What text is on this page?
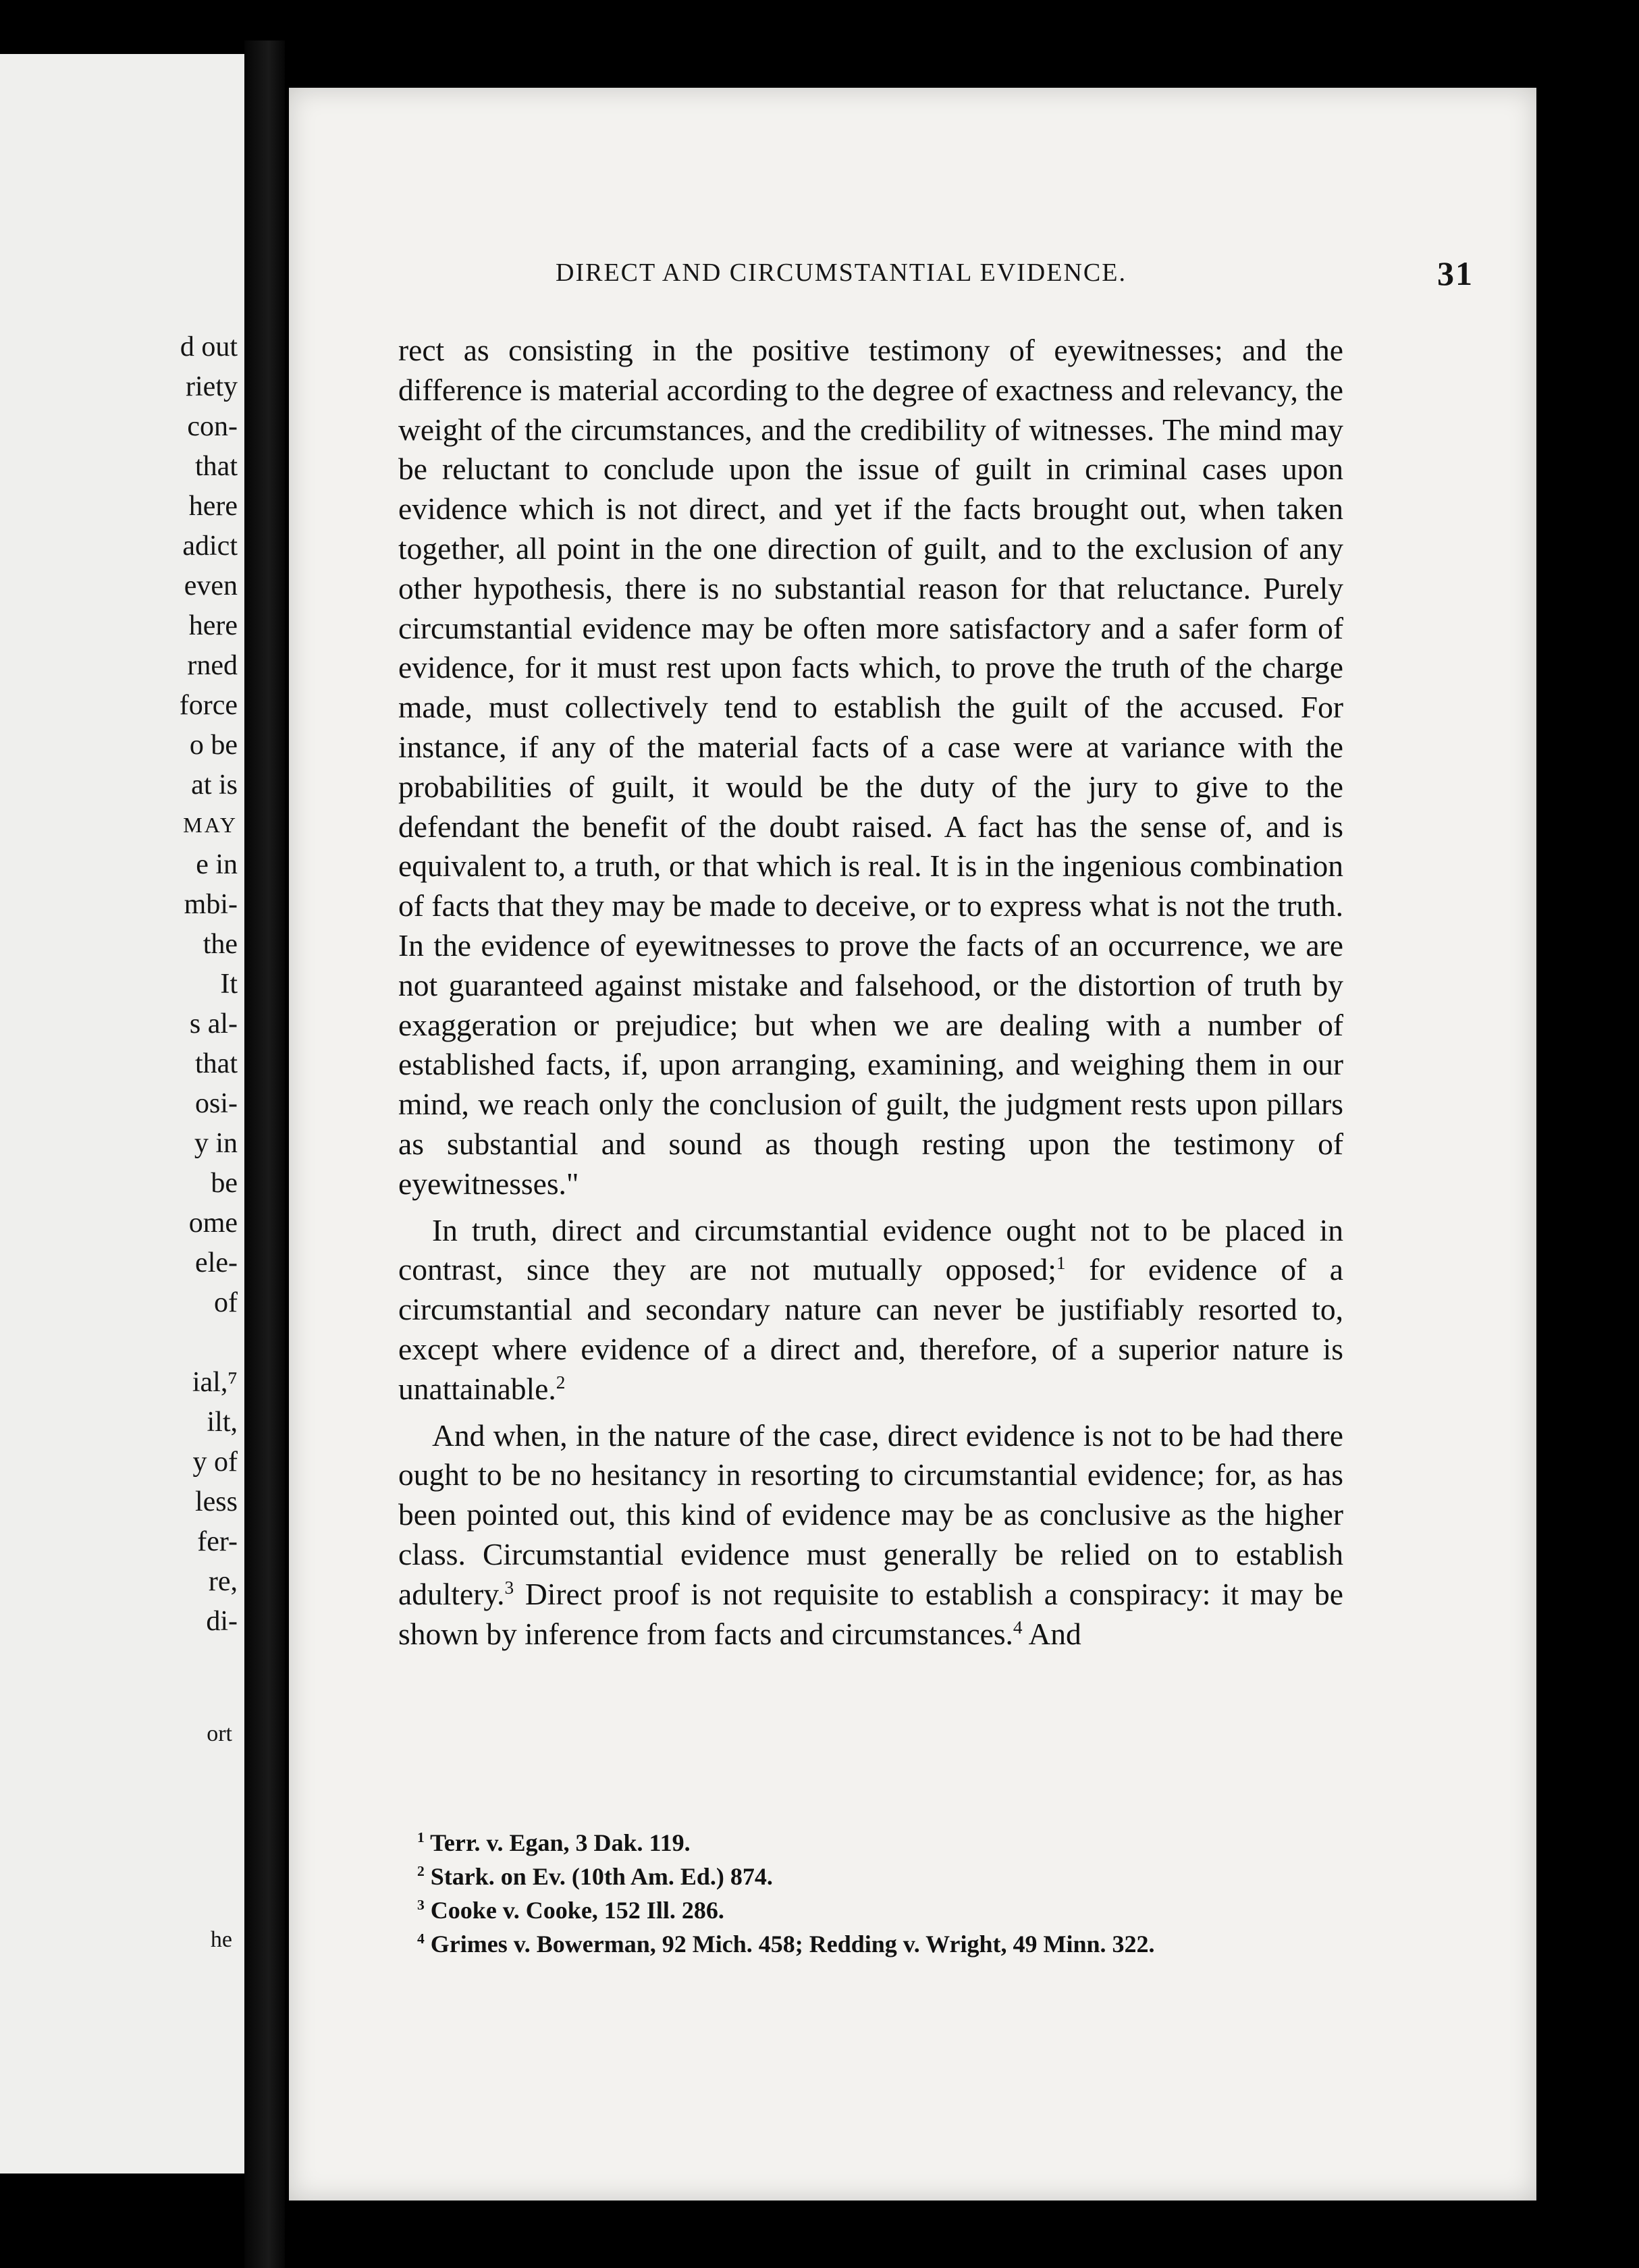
d out
riety
con-
that
here
adict
even
here
rned
force
o be
at is
MAY
e in
mbi-
the
It
s al-
that
osi-
y in
be
ome
ele-
of

ial,⁷
ilt,
y of
less
fer-
re,
di-
ort
he
DIRECT AND CIRCUMSTANTIAL EVIDENCE.	31

rect as consisting in the positive testimony of eyewitnesses; and the difference is material according to the degree of exactness and relevancy, the weight of the circumstances, and the credibility of witnesses. The mind may be reluctant to conclude upon the issue of guilt in criminal cases upon evidence which is not direct, and yet if the facts brought out, when taken together, all point in the one direction of guilt, and to the exclusion of any other hypothesis, there is no substantial reason for that reluctance. Purely circumstantial evidence may be often more satisfactory and a safer form of evidence, for it must rest upon facts which, to prove the truth of the charge made, must collectively tend to establish the guilt of the accused. For instance, if any of the material facts of a case were at variance with the probabilities of guilt, it would be the duty of the jury to give to the defendant the benefit of the doubt raised. A fact has the sense of, and is equivalent to, a truth, or that which is real. It is in the ingenious combination of facts that they may be made to deceive, or to express what is not the truth. In the evidence of eyewitnesses to prove the facts of an occurrence, we are not guaranteed against mistake and falsehood, or the distortion of truth by exaggeration or prejudice; but when we are dealing with a number of established facts, if, upon arranging, examining, and weighing them in our mind, we reach only the conclusion of guilt, the judgment rests upon pillars as substantial and sound as though resting upon the testimony of eyewitnesses."

In truth, direct and circumstantial evidence ought not to be placed in contrast, since they are not mutually opposed;$^1$ for evidence of a circumstantial and secondary nature can never be justifiably resorted to, except where evidence of a direct and, therefore, of a superior nature is unattainable.$^2$

And when, in the nature of the case, direct evidence is not to be had there ought to be no hesitancy in resorting to circumstantial evidence; for, as has been pointed out, this kind of evidence may be as conclusive as the higher class. Circumstantial evidence must generally be relied on to establish adultery.$^3$ Direct proof is not requisite to establish a conspiracy: it may be shown by inference from facts and circumstances.$^4$ And

$^1$ Terr. v. Egan, 3 Dak. 119.
$^2$ Stark. on Ev. (10th Am. Ed.) 874.
$^3$ Cooke v. Cooke, 152 Ill. 286.
$^4$ Grimes v. Bowerman, 92 Mich. 458; Redding v. Wright, 49 Minn. 322.
